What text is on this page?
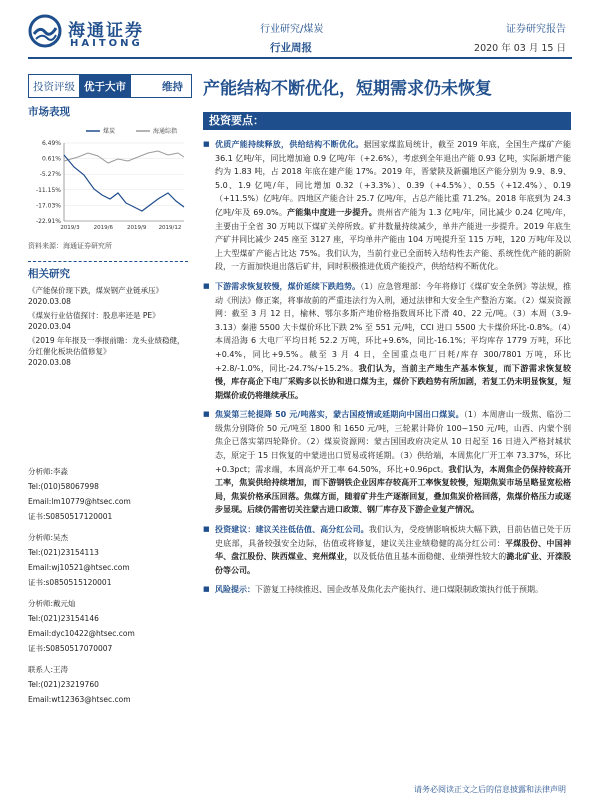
海通证券
HAITONG
行业研究/煤炭
行业周报
证券研究报告
2020 年 03 月 15 日
投资评级 优于大市	维持	产能结构不断优化，短期需求仍未恢复
市场表现
煤炭	海通综指
6.49%
0.61%
-5.27%
-11.15%
-17.03%
-22.91%
2019/3	2019/6	2019/9 2019/12
资料来源：海通证券研究所
相关研究
《产能保价现下跌，煤炭钢产业链承压》
2020.03.08
《煤炭行业估值探讨：股息率还是 PE》
2020.03.04
《2019 年年报及一季报前瞻：龙头业绩稳健，分红催化板块估值修复》
2020.03.08
分析师:李淼
Tel:(010)58067998
Email:lm10779@htsec.com
证书:S0850517120001
分析师:吴杰
Tel:(021)23154113
Email:wj10521@htsec.com
证书:s0850515120001
分析师:戴元灿
Tel:(021)23154146
Email:dyc10422@htsec.com
证书:S0850517070007
联系人:王涛
Tel:(021)23219760
Email:wt12363@htsec.com
投资要点：
■ 优质产能持续释放，供给结构不断优化。据国家煤监局统计，截至 2019 年底，全国生产煤矿产能 36.1 亿吨/年，同比增加逾 0.9 亿吨/年（+2.6%），考虑到全年退出产能 0.93 亿吨，实际新增产能约为 1.83 吨，占 2018 年底在建产能 17%。2019 年，晋蒙陕及新疆地区产能分别为 9.9、8.9、5.0、1.9 亿吨/年，同比增加 0.32（+3.3%）、0.39（+4.5%）、0.55（+12.4%）、0.19（+11.5%）亿吨/年。四地区产能合计 25.7 亿吨/年，占总产能比重 71.2%。2018 年底到为 24.3 亿吨/年及 69.0%。产能集中度进一步提升。贵州省产能为 1.3 亿吨/年，同比减少 0.24 亿吨/年，主要由于全省 30 万吨以下煤矿关停所致。矿井数量持续减少，单井产能进一步提升。2019 年底生产矿井同比减少 245 座至 3127 座，平均单井产能由 104 万吨提升至 115 万吨，120 万吨/年及以上大型煤矿产能占比达 75%。我们认为，当前行业已全面转入结构性去产能、系统性优产能的新阶段，一方面加快退出落后矿井，同时积极推进优质产能投产，供给结构不断优化。
■ 下游需求恢复较慢，煤价延续下跌趋势。（1）应急管理部：今年将修订《煤矿安全条例》等法规，推动《刑法》修正案，将事故前的严重违法行为入刑，通过法律和大安全生产整治方案。（2）煤炭资源网：截至 3 月 12 日，榆林、鄂尔多斯产地价格指数周环比下滑 40、22 元/吨。（3）本周（3.9-3.13）秦港 5500 大卡煤价环比下跌 2% 至 551 元/吨，CCI 进口 5500 大卡煤价环比-0.8%。（4）本周沿海 6 大电厂平均日耗 52.2 万吨，环比+9.6%，同比-16.1%；平均库存 1779 万吨，环比+0.4%，同比+9.5%。截至 3 月 4 日，全国重点电厂日耗/库存 300/7801 万吨，环比+2.8/-1.0%，同比-24.7%/+15.2%。我们认为，当前主产地生产基本恢复，而下游需求恢复较慢，库存高企下电厂采购多以长协和进口煤为主，煤价下跌趋势有所加剧，若复工仍未明显恢复，短期煤价或仍将继续承压。
■ 焦炭第三轮提降 50 元/吨落实，蒙古国疫情或延期向中国出口煤炭。（1）本周唐山一级焦、临汾二级焦分别降价 50 元/吨至 1800 和 1650 元/吨，三轮累计降价 100~150 元/吨，山西、内蒙个别焦企已落实第四轮降价。（2）煤炭资源网：蒙古国国政府决定从 10 日起至 16 日进入严格封城状态，原定于 15 日恢复的中蒙进出口贸易或将延期。（3）供给端，本周焦化厂开工率 73.37%，环比+0.3pct；需求端，本周高炉开工率 64.50%，环比+0.96pct。我们认为，本周焦企仍保持较高开工率，焦炭供给持续增加，而下游钢铁企业因库存较高开工率恢复较慢，短期焦炭市场呈略显宽松格局，焦炭价格承压回落。焦煤方面，随着矿井生产逐渐回复，叠加焦炭价格回落，焦煤价格压力或逐步显现。后续仍需密切关注蒙古进口政策、钢厂库存及下游企业复产情况。
■ 投资建议：建议关注低估值、高分红公司。我们认为，受疫情影响板块大幅下跌，目前估值已处于历史底部，具备较强安全边际，估值或将修复，建议关注业绩稳健的高分红公司：平煤股份、中国神华、盘江股份、陕西煤业、兖州煤业，以及低估值且基本面稳健、业绩弹性较大的潞北矿业、开滦股份等公司。
■ 风险提示：下游复工持续推迟、国企改革及焦化去产能执行、进口煤限制政策执行低于预期。
请务必阅读正文之后的信息披露和法律声明
